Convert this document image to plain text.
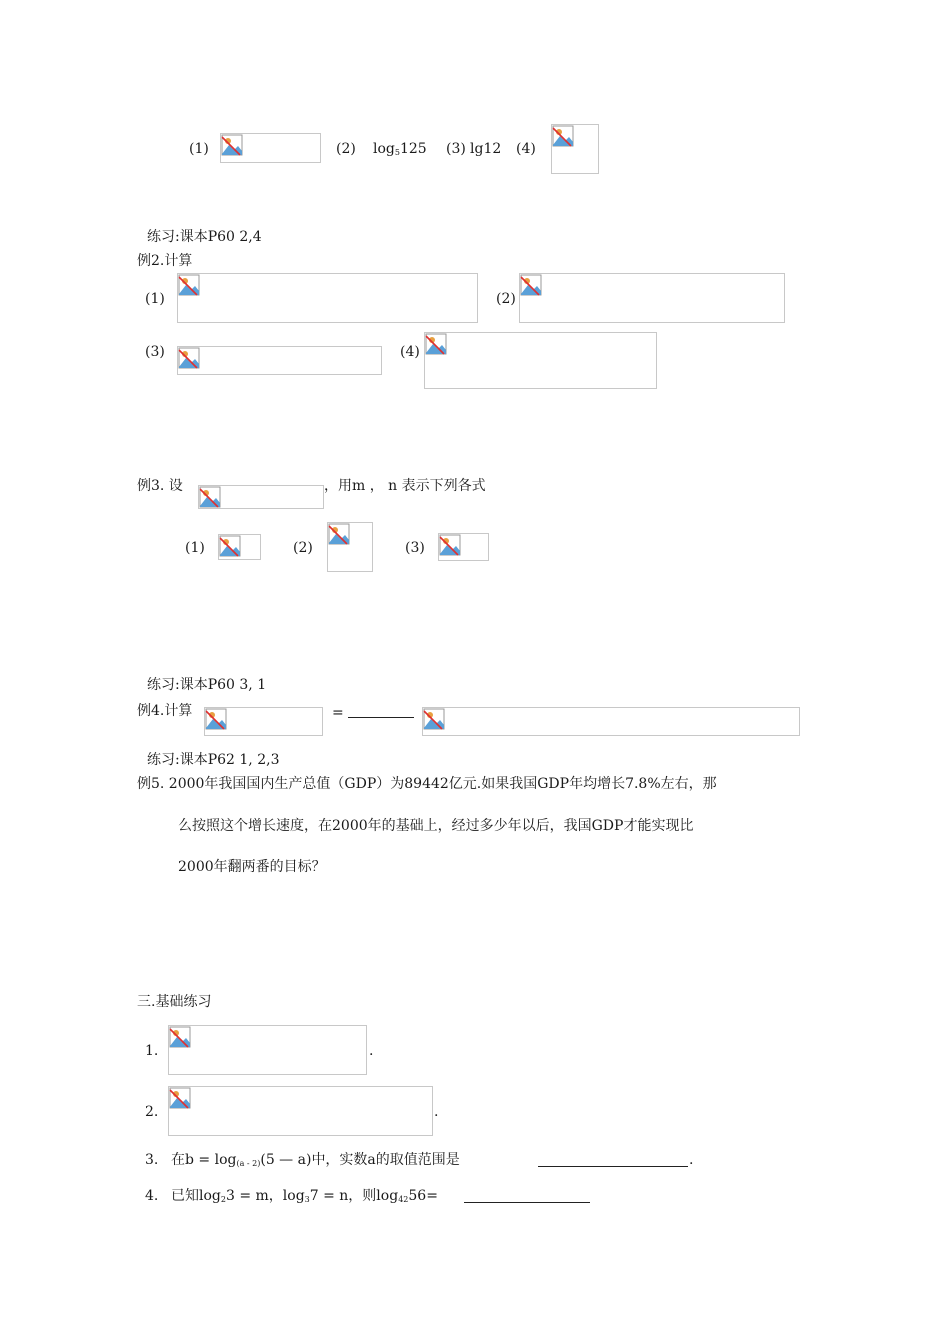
(1)	(2) $\log_5125$ (3) lg12 (4)
练习:课本P60 2,4
例2.计算
(1)	(2)
(3)	(4)
例3. 设	，用m ， n 表示下列各式
(1)	(2)	(3)
练习:课本P60 3, 1
例4.计算	=
练习:课本P62 1, 2,3
例5. 2000年我国国内生产总值（GDP）为89442亿元.如果我国GDP年均增长7.8%左右，那
么按照这个增长速度，在2000年的基础上，经过多少年以后，我国GDP才能实现比
2000年翻两番的目标？
三.基础练习
1.	.
2.	.
3. 在$b = \log_{(a - 2)}(5$ — a)中，实数a的取值范围是	.
4. 已知$\log_23 = m$，$\log_37 = n$，则$\log_{42}56=$
